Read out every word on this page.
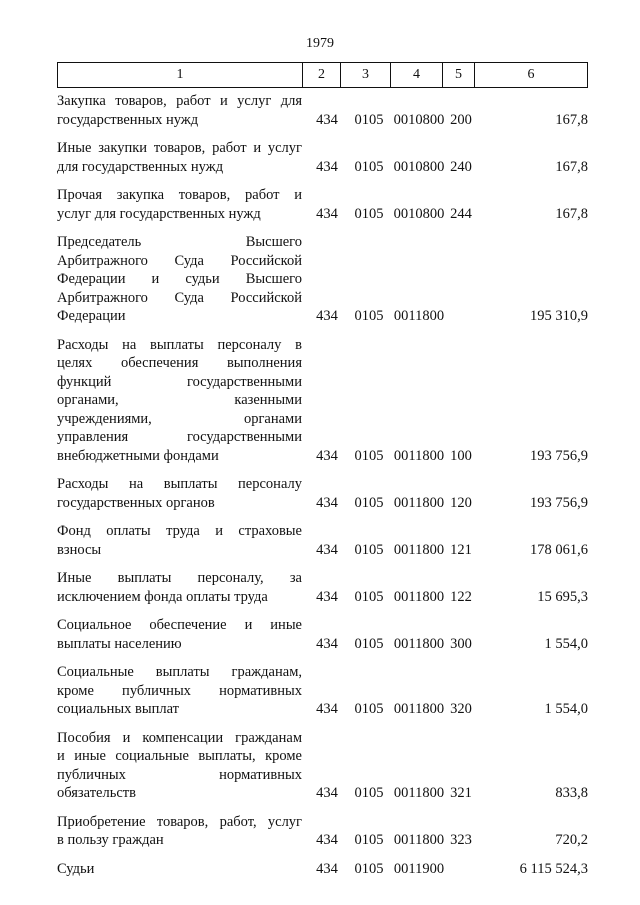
1979
1	2	3	4	5	6
Закупка товаров, работ и услуг для
государственных нужд	434	0105 0010800 200	167,8
Иные закупки товаров, работ и услуг
для государственных нужд	434	0105 0010800 240	167,8
Прочая закупка товаров, работ и
услуг для государственных нужд	434	0105 0010800 244	167,8
Председатель Высшего
Арбитражного Суда Российской
Федерации и судьи Высшего
Арбитражного Суда Российской
Федерации	434	0105 0011800	195 310,9
Расходы на выплаты персоналу в
целях обеспечения выполнения
функций государственными
органами, казенными
учреждениями, органами
управления государственными
внебюджетными фондами	434	0105 0011800 100	193 756,9
Расходы на выплаты персоналу
государственных органов	434	0105 0011800 120	193 756,9
Фонд оплаты труда и страховые
взносы	434	0105 0011800 121	178 061,6
Иные выплаты персоналу, за
исключением фонда оплаты труда	434	0105 0011800 122	15 695,3
Социальное обеспечение и иные
выплаты населению	434	0105 0011800 300	1 554,0
Социальные выплаты гражданам,
кроме публичных нормативных
социальных выплат	434	0105 0011800 320	1 554,0
Пособия и компенсации гражданам
и иные социальные выплаты, кроме
публичных нормативных
обязательств	434	0105 0011800 321	833,8
Приобретение товаров, работ, услуг
в пользу граждан	434	0105 0011800 323	720,2
Судьи	434	0105 0011900	6 115 524,3
